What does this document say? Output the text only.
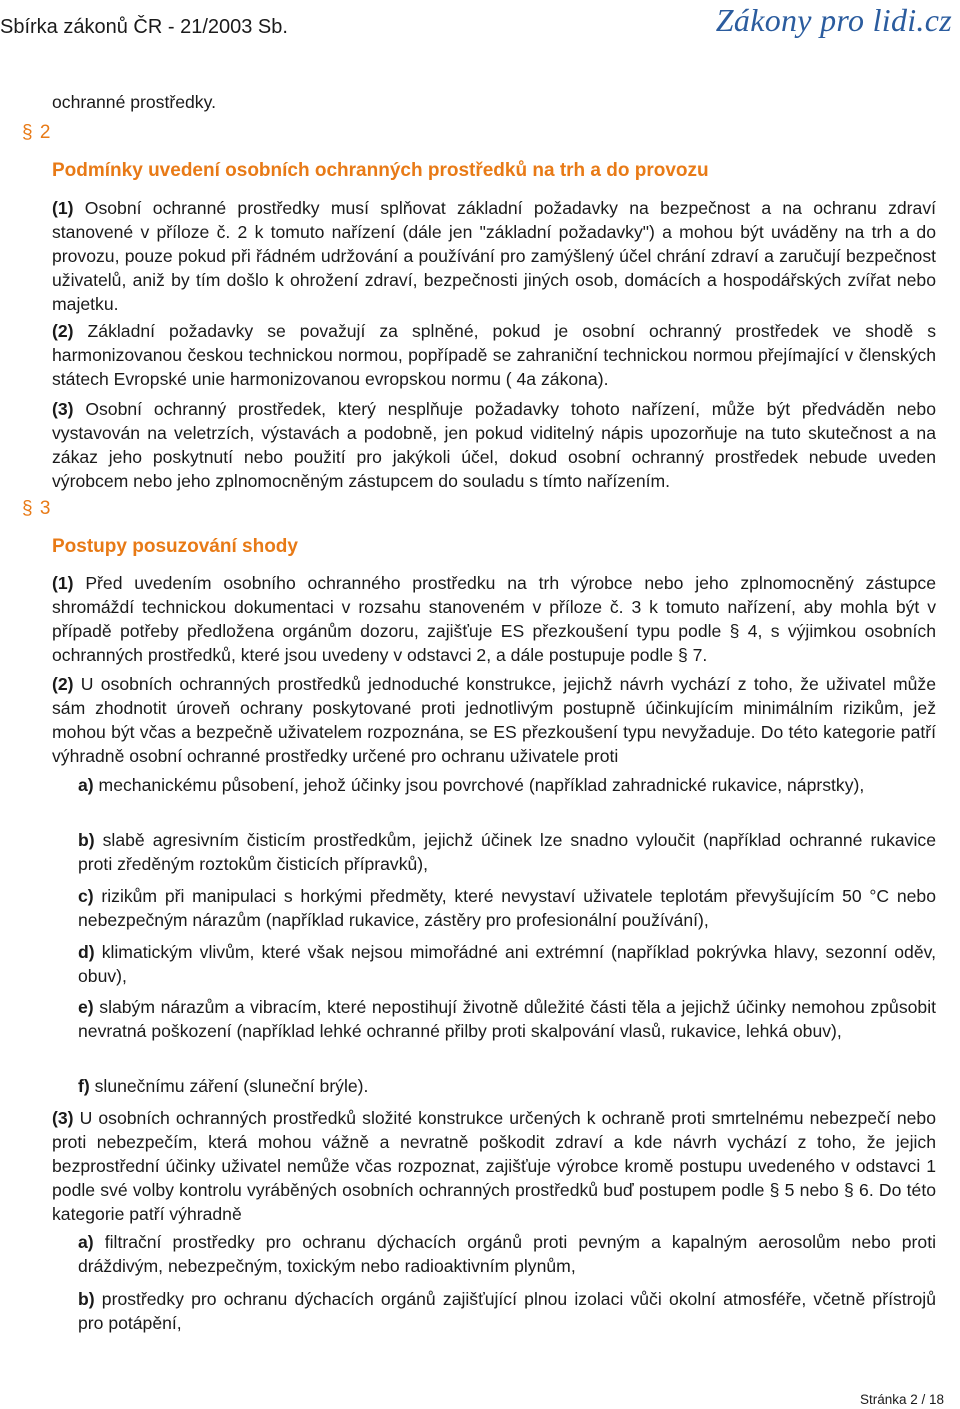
Sbírka zákonů ČR - 21/2003 Sb.	Zákony pro lidi.cz
ochranné prostředky.
§ 2
Podmínky uvedení osobních ochranných prostředků na trh a do provozu
(1) Osobní ochranné prostředky musí splňovat základní požadavky na bezpečnost a na ochranu zdraví stanovené v příloze č. 2 k tomuto nařízení (dále jen "základní požadavky") a mohou být uváděny na trh a do provozu, pouze pokud při řádném udržování a používání pro zamýšlený účel chrání zdraví a zaručují bezpečnost uživatelů, aniž by tím došlo k ohrožení zdraví, bezpečnosti jiných osob, domácích a hospodářských zvířat nebo majetku.
(2) Základní požadavky se považují za splněné, pokud je osobní ochranný prostředek ve shodě s harmonizovanou českou technickou normou, popřípadě se zahraniční technickou normou přejímající v členských státech Evropské unie harmonizovanou evropskou normu ( 4a zákona).
(3) Osobní ochranný prostředek, který nesplňuje požadavky tohoto nařízení, může být předváděn nebo vystavován na veletrzích, výstavách a podobně, jen pokud viditelný nápis upozorňuje na tuto skutečnost a na zákaz jeho poskytnutí nebo použití pro jakýkoli účel, dokud osobní ochranný prostředek nebude uveden výrobcem nebo jeho zplnomocněným zástupcem do souladu s tímto nařízením.
§ 3
Postupy posuzování shody
(1) Před uvedením osobního ochranného prostředku na trh výrobce nebo jeho zplnomocněný zástupce shromáždí technickou dokumentaci v rozsahu stanoveném v příloze č. 3 k tomuto nařízení, aby mohla být v případě potřeby předložena orgánům dozoru, zajišťuje ES přezkoušení typu podle § 4, s výjimkou osobních ochranných prostředků, které jsou uvedeny v odstavci 2, a dále postupuje podle § 7.
(2) U osobních ochranných prostředků jednoduché konstrukce, jejichž návrh vychází z toho, že uživatel může sám zhodnotit úroveň ochrany poskytované proti jednotlivým postupně účinkujícím minimálním rizikům, jež mohou být včas a bezpečně uživatelem rozpoznána, se ES přezkoušení typu nevyžaduje. Do této kategorie patří výhradně osobní ochranné prostředky určené pro ochranu uživatele proti
a) mechanickému působení, jehož účinky jsou povrchové (například zahradnické rukavice, náprstky),
b) slabě agresivním čisticím prostředkům, jejichž účinek lze snadno vyloučit (například ochranné rukavice proti zředěným roztokům čisticích přípravků),
c) rizikům při manipulaci s horkými předměty, které nevystaví uživatele teplotám převyšujícím 50 °C nebo nebezpečným nárazům (například rukavice, zástěry pro profesionální používání),
d) klimatickým vlivům, které však nejsou mimořádné ani extrémní (například pokrývka hlavy, sezonní oděv, obuv),
e) slabým nárazům a vibracím, které nepostihují životně důležité části těla a jejichž účinky nemohou způsobit nevratná poškození (například lehké ochranné přilby proti skalpování vlasů, rukavice, lehká obuv),
f) slunečnímu záření (sluneční brýle).
(3) U osobních ochranných prostředků složité konstrukce určených k ochraně proti smrtelnému nebezpečí nebo proti nebezpečím, která mohou vážně a nevratně poškodit zdraví a kde návrh vychází z toho, že jejich bezprostřední účinky uživatel nemůže včas rozpoznat, zajišťuje výrobce kromě postupu uvedeného v odstavci 1 podle své volby kontrolu vyráběných osobních ochranných prostředků buď postupem podle § 5 nebo § 6. Do této kategorie patří výhradně
a) filtrační prostředky pro ochranu dýchacích orgánů proti pevným a kapalným aerosolům nebo proti dráždivým, nebezpečným, toxickým nebo radioaktivním plynům,
b) prostředky pro ochranu dýchacích orgánů zajišťující plnou izolaci vůči okolní atmosféře, včetně přístrojů pro potápění,
Stránka 2 / 18
